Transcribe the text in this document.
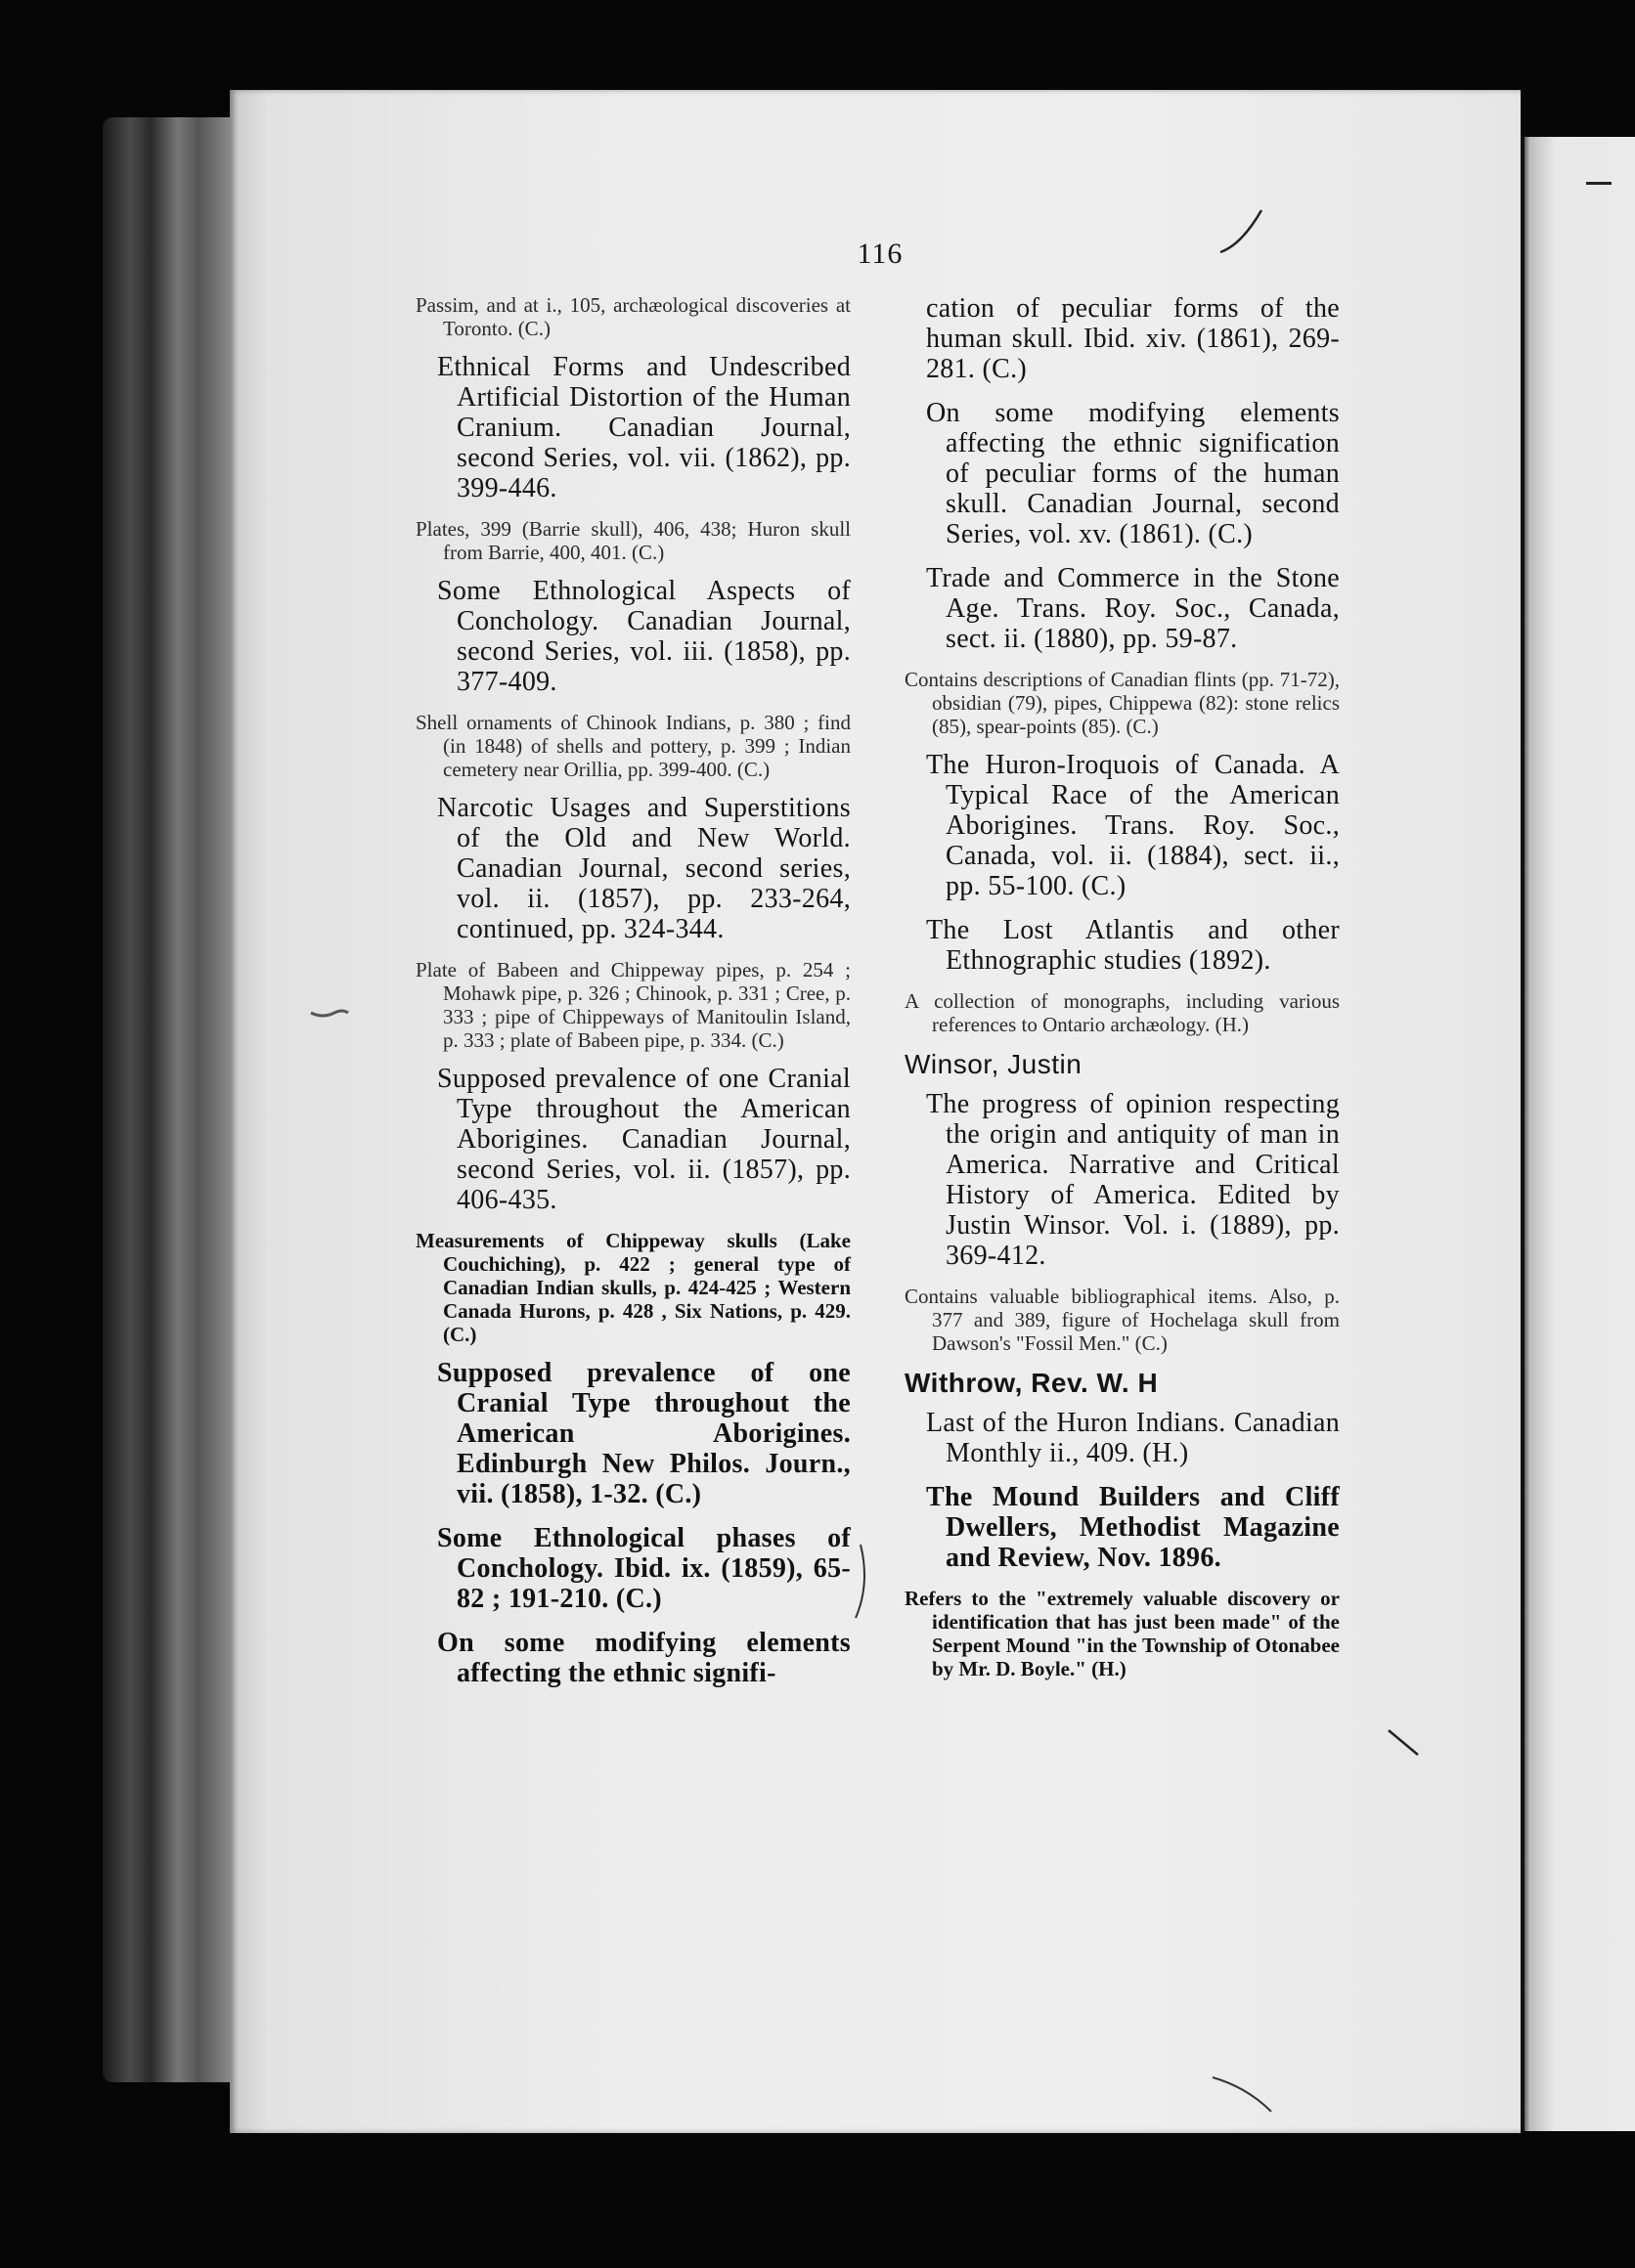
116
Passim, and at i., 105, archæological discoveries at Toronto. (C.)
Ethnical Forms and Undescribed Artificial Distortion of the Human Cranium. Canadian Journal, second Series, vol. vii. (1862), pp. 399-446.
Plates, 399 (Barrie skull), 406, 438; Huron skull from Barrie, 400, 401. (C.)
Some Ethnological Aspects of Conchology. Canadian Journal, second Series, vol. iii. (1858), pp. 377-409.
Shell ornaments of Chinook Indians, p. 380 ; find (in 1848) of shells and pottery, p. 399 ; Indian cemetery near Orillia, pp. 399-400. (C.)
Narcotic Usages and Superstitions of the Old and New World. Canadian Journal, second series, vol. ii. (1857), pp. 233-264, continued, pp. 324-344.
Plate of Babeen and Chippeway pipes, p. 254 ; Mohawk pipe, p. 326 ; Chinook, p. 331 ; Cree, p. 333 ; pipe of Chippeways of Manitoulin Island, p. 333 ; plate of Babeen pipe, p. 334. (C.)
Supposed prevalence of one Cranial Type throughout the American Aborigines. Canadian Journal, second Series, vol. ii. (1857), pp. 406-435.
Measurements of Chippeway skulls (Lake Couchiching), p. 422 ; general type of Canadian Indian skulls, p. 424-425 ; Western Canada Hurons, p. 428 , Six Nations, p. 429. (C.)
Supposed prevalence of one Cranial Type throughout the American Aborigines. Edinburgh New Philos. Journ., vii. (1858), 1-32. (C.)
Some Ethnological phases of Conchology. Ibid. ix. (1859), 65-82 ; 191-210. (C.)
On some modifying elements affecting the ethnic signifi-
cation of peculiar forms of the human skull. Ibid. xiv. (1861), 269-281. (C.)
On some modifying elements affecting the ethnic signification of peculiar forms of the human skull. Canadian Journal, second Series, vol. xv. (1861). (C.)
Trade and Commerce in the Stone Age. Trans. Roy. Soc., Canada, sect. ii. (1880), pp. 59-87.
Contains descriptions of Canadian flints (pp. 71-72), obsidian (79), pipes, Chippewa (82): stone relics (85), spear-points (85). (C.)
The Huron-Iroquois of Canada. A Typical Race of the American Aborigines. Trans. Roy. Soc., Canada, vol. ii. (1884), sect. ii., pp. 55-100. (C.)
The Lost Atlantis and other Ethnographic studies (1892).
A collection of monographs, including various references to Ontario archæology. (H.)
Winsor, Justin
The progress of opinion respecting the origin and antiquity of man in America. Narrative and Critical History of America. Edited by Justin Winsor. Vol. i. (1889), pp. 369-412.
Contains valuable bibliographical items. Also, p. 377 and 389, figure of Hochelaga skull from Dawson's "Fossil Men." (C.)
Withrow, Rev. W. H
Last of the Huron Indians. Canadian Monthly ii., 409. (H.)
The Mound Builders and Cliff Dwellers, Methodist Magazine and Review, Nov. 1896.
Refers to the "extremely valuable discovery or identification that has just been made" of the Serpent Mound "in the Township of Otonabee by Mr. D. Boyle." (H.)
